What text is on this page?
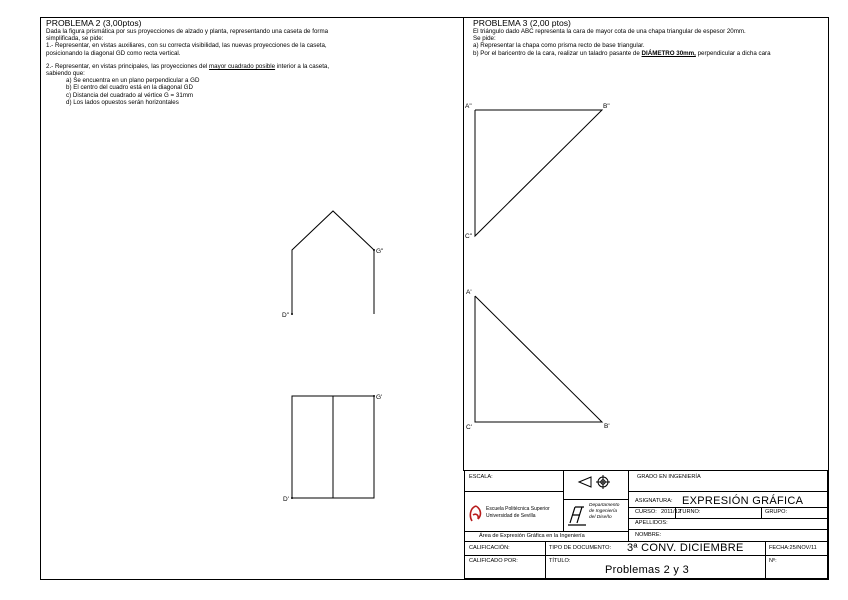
PROBLEMA 2 (3,00ptos)

Dada la figura prismática por sus proyecciones de alzado y planta, representando una caseta de forma

simplificada, se pide:

1.- Representar, en vistas auxiliares, con su correcta visibilidad, las nuevas proyecciones de la caseta,

posicionando la diagonal GD como recta vertical.

2.- Representar, en vistas principales, las proyecciones del mayor cuadrado posible interior a la caseta,

sabiendo que:

a) Se encuentra en un plano perpendicular a GD

b) El centro del cuadro está en la diagonal GD

c) Distancia del cuadrado al vértice G = 31mm

d) Los lados opuestos serán horizontales

PROBLEMA 3 (2,00 ptos)

El triángulo dado ABC representa la cara de mayor cota de una chapa triangular de espesor 20mm.

Se pide:

a) Representar la chapa como prisma recto de base triangular.

b) Por el baricentro de la cara, realizar un taladro pasante de DIÁMETRO 30mm, perpendicular a dicha cara

G"
D"
G'
D'
A"	B"
C"
A'
B'
C'
ESCALA:	GRADO EN INGENIERÍA
ASIGNATURA: EXPRESIÓN GRÁFICA
CURSO: 2011/12
TURNO:	GRUPO:
APELLIDOS:
NOMBRE:
Escuela Politécnica Superior
Universidad de Sevilla
Departamento
de Ingeniería
del Diseño
Área de Expresión Gráfica en la Ingeniería
CALIFICACIÓN:	TIPO DE DOCUMENTO: 3ª CONV. DICIEMBRE	FECHA:25/NOV/11
CALIFICADO POR:	TÍTULO:
Problemas 2 y 3
Nº:
